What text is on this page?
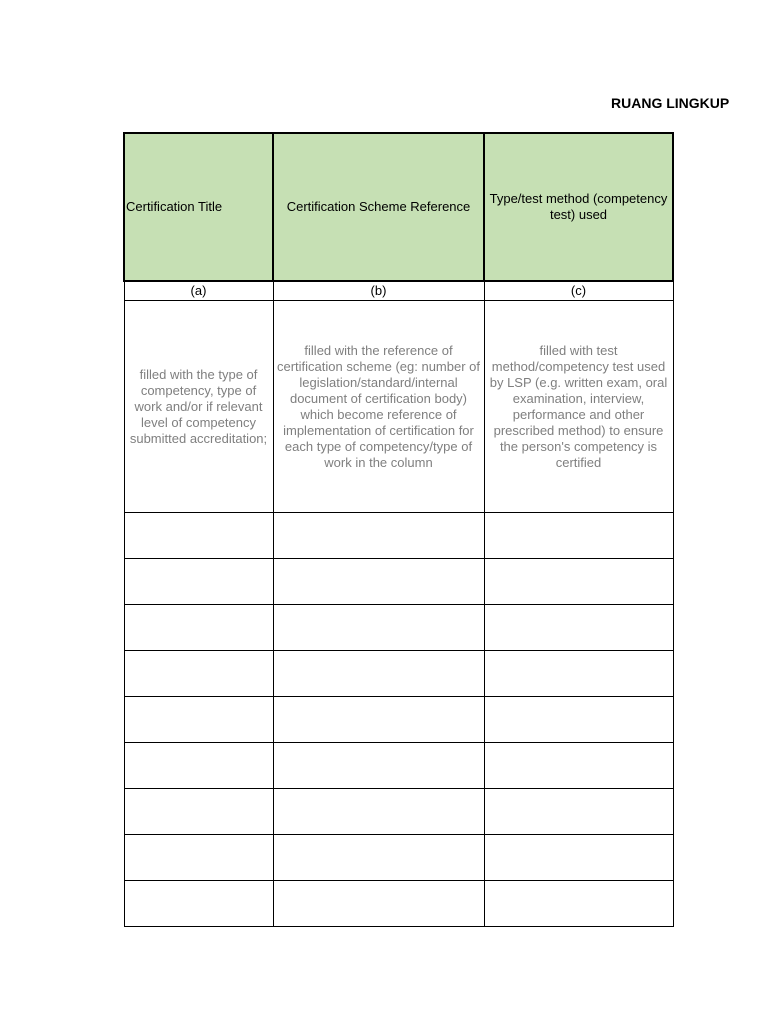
RUANG LINGKUP
Certification Title	Certification Scheme Reference	Type/test method (competency test) used
(a)	(b)	(c)
filled with the type of competency, type of work and/or if relevant level of competency submitted accreditation;	filled with the reference of certification scheme (eg: number of legislation/standard/internal document of certification body) which become reference of implementation of certification for each type of competency/type of work in the column	filled with test method/competency test used by LSP (e.g. written exam, oral examination, interview, performance and other prescribed method) to ensure the person's competency is certified
